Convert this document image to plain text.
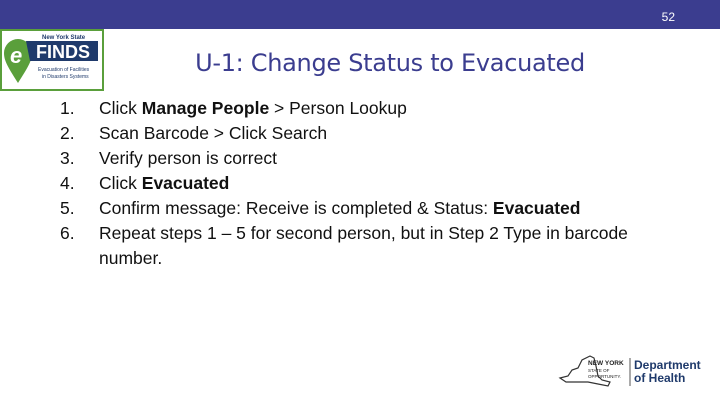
52
e
New York State
FINDS
Evacuation of Facilities
in Disasters Systems	U-1: Change Status to Evacuated
1. Click Manage People > Person Lookup
2. Scan Barcode > Click Search
3. Verify person is correct
4. Click Evacuated
5. Confirm message: Receive is completed & Status: Evacuated
6. Repeat steps 1 – 5 for second person, but in Step 2 Type in barcode number.
NEW YORK
STATE OF
OPPORTUNITY.
Department
of Health
